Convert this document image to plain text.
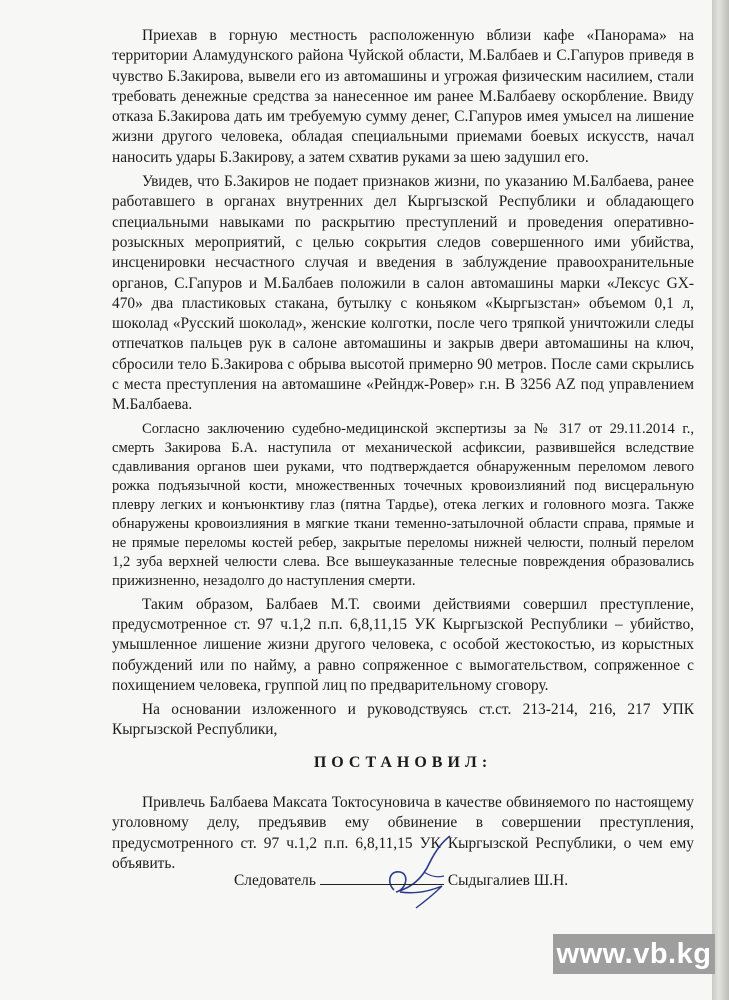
Приехав в горную местность расположенную вблизи кафе «Панорама» на территории Аламудунского района Чуйской области, М.Балбаев и С.Гапуров приведя в чувство Б.Закирова, вывели его из автомашины и угрожая физическим насилием, стали требовать денежные средства за нанесенное им ранее М.Балбаеву оскорбление. Ввиду отказа Б.Закирова дать им требуемую сумму денег, С.Гапуров имея умысел на лишение жизни другого человека, обладая специальными приемами боевых искусств, начал наносить удары Б.Закирову, а затем схватив руками за шею задушил его.

Увидев, что Б.Закиров не подает признаков жизни, по указанию М.Балбаева, ранее работавшего в органах внутренних дел Кыргызской Республики и обладающего специальными навыками по раскрытию преступлений и проведения оперативно-розыскных мероприятий, с целью сокрытия следов совершенного ими убийства, инсценировки несчастного случая и введения в заблуждение правоохранительные органов, С.Гапуров и М.Балбаев положили в салон автомашины марки «Лексус GX-470» два пластиковых стакана, бутылку с коньяком «Кыргызстан» объемом 0,1 л, шоколад «Русский шоколад», женские колготки, после чего тряпкой уничтожили следы отпечатков пальцев рук в салоне автомашины и закрыв двери автомашины на ключ, сбросили тело Б.Закирова с обрыва высотой примерно 90 метров. После сами скрылись с места преступления на автомашине «Рейндж-Ровер» г.н. B 3256 AZ под управлением М.Балбаева.

Согласно заключению судебно-медицинской экспертизы за № 317 от 29.11.2014 г., смерть Закирова Б.А. наступила от механической асфиксии, развившейся вследствие сдавливания органов шеи руками, что подтверждается обнаруженным переломом левого рожка подъязычной кости, множественных точечных кровоизлияний под висцеральную плевру легких и конъюнктиву глаз (пятна Тардье), отека легких и головного мозга. Также обнаружены кровоизлияния в мягкие ткани теменно-затылочной области справа, прямые и не прямые переломы костей ребер, закрытые переломы нижней челюсти, полный перелом 1,2 зуба верхней челюсти слева. Все вышеуказанные телесные повреждения образовались прижизненно, незадолго до наступления смерти.

Таким образом, Балбаев М.Т. своими действиями совершил преступление, предусмотренное ст. 97 ч.1,2 п.п. 6,8,11,15 УК Кыргызской Республики – убийство, умышленное лишение жизни другого человека, с особой жестокостью, из корыстных побуждений или по найму, а равно сопряженное с вымогательством, сопряженное с похищением человека, группой лиц по предварительному сговору.

На основании изложенного и руководствуясь ст.ст. 213-214, 216, 217 УПК Кыргызской Республики,

ПОСТАНОВИЛ:

Привлечь Балбаева Максата Токтосуновича в качестве обвиняемого по настоящему уголовному делу, предъявив ему обвинение в совершении преступления, предусмотренного ст. 97 ч.1,2 п.п. 6,8,11,15 УК Кыргызской Республики, о чем ему объявить.

Следователь	Сыдыгалиев Ш.Н.
www.vb.kg
